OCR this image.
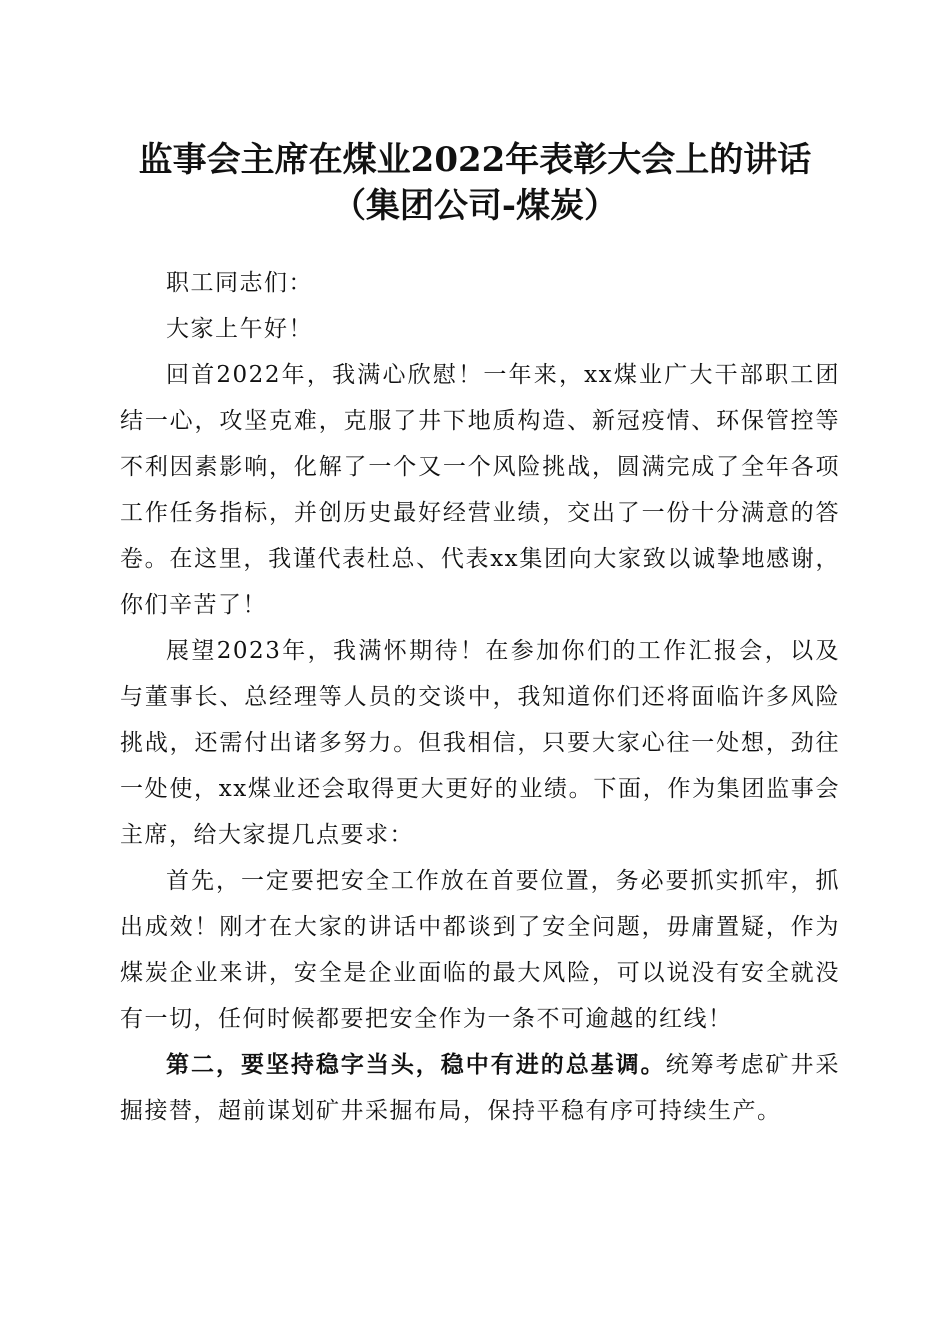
监事会主席在煤业2022年表彰大会上的讲话
（集团公司-煤炭）

职工同志们：

大家上午好！

回首2022年，我满心欣慰！一年来，xx煤业广大干部职工团结一心，攻坚克难，克服了井下地质构造、新冠疫情、环保管控等不利因素影响，化解了一个又一个风险挑战，圆满完成了全年各项工作任务指标，并创历史最好经营业绩，交出了一份十分满意的答卷。在这里，我谨代表杜总、代表xx集团向大家致以诚挚地感谢，你们辛苦了！

展望2023年，我满怀期待！在参加你们的工作汇报会，以及与董事长、总经理等人员的交谈中，我知道你们还将面临许多风险挑战，还需付出诸多努力。但我相信，只要大家心往一处想，劲往一处使，xx煤业还会取得更大更好的业绩。下面，作为集团监事会主席，给大家提几点要求：

首先，一定要把安全工作放在首要位置，务必要抓实抓牢，抓出成效！刚才在大家的讲话中都谈到了安全问题，毋庸置疑，作为煤炭企业来讲，安全是企业面临的最大风险，可以说没有安全就没有一切，任何时候都要把安全作为一条不可逾越的红线！

第二，要坚持稳字当头，稳中有进的总基调。统筹考虑矿井采掘接替，超前谋划矿井采掘布局，保持平稳有序可持续生产。
